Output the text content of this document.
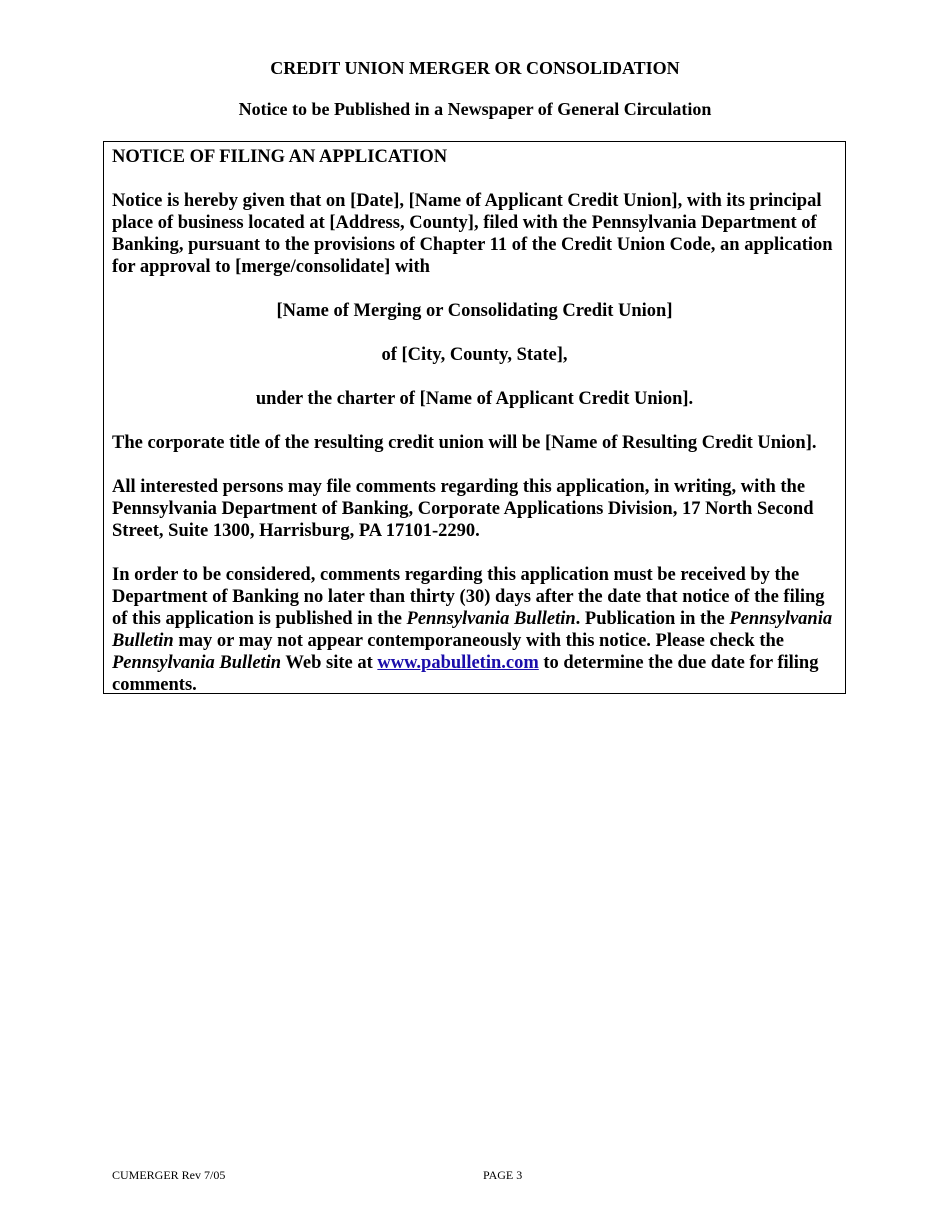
CREDIT UNION MERGER OR CONSOLIDATION
Notice to be Published in a Newspaper of General Circulation

NOTICE OF FILING AN APPLICATION

Notice is hereby given that on [Date], [Name of Applicant Credit Union], with its principal place of business located at [Address, County], filed with the Pennsylvania Department of Banking, pursuant to the provisions of Chapter 11 of the Credit Union Code, an application for approval to [merge/consolidate] with

[Name of Merging or Consolidating Credit Union]

of [City, County, State],

under the charter of [Name of Applicant Credit Union].

The corporate title of the resulting credit union will be [Name of Resulting Credit Union].

All interested persons may file comments regarding this application, in writing, with the Pennsylvania Department of Banking, Corporate Applications Division, 17 North Second Street, Suite 1300, Harrisburg, PA 17101-2290.

In order to be considered, comments regarding this application must be received by the Department of Banking no later than thirty (30) days after the date that notice of the filing of this application is published in the Pennsylvania Bulletin. Publication in the Pennsylvania Bulletin may or may not appear contemporaneously with this notice. Please check the Pennsylvania Bulletin Web site at www.pabulletin.com to determine the due date for filing comments.

CUMERGER Rev 7/05	PAGE 3
